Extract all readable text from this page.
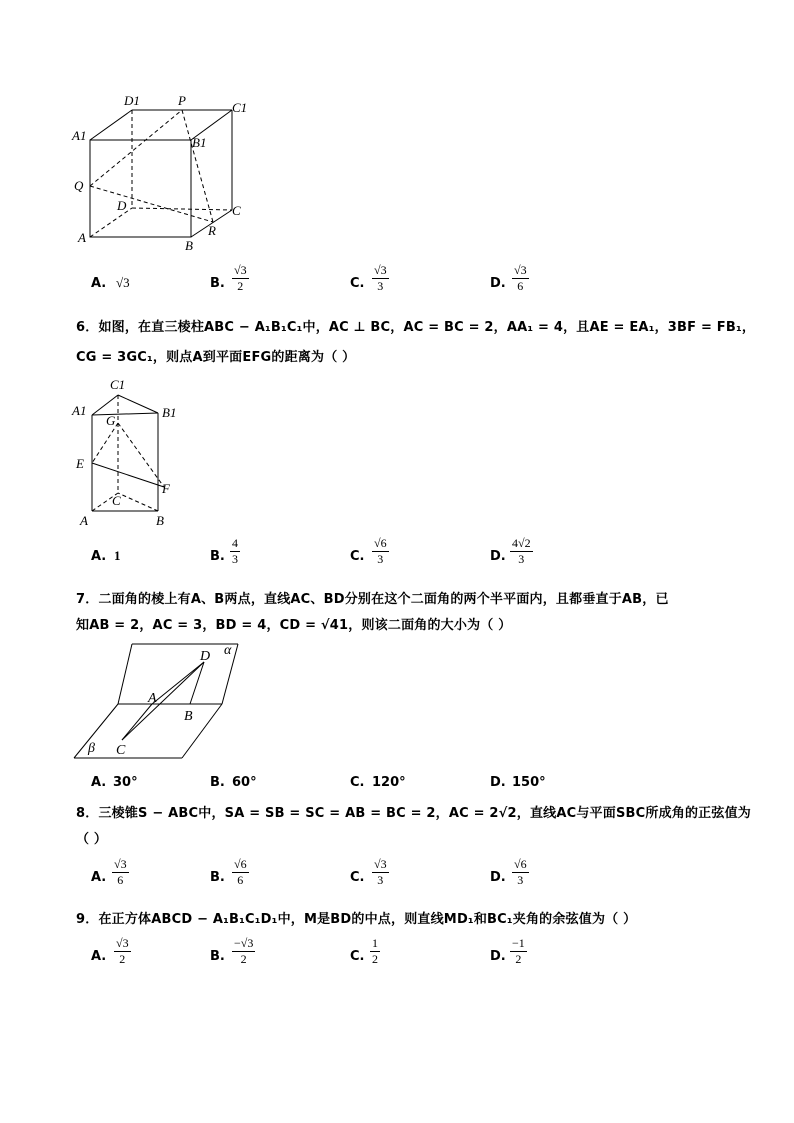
D1	P	C1
A1	B1
Q
D	C
A	R
B
A. √3	B. $\frac{√3}{2}$	C. $\frac{√3}{3}$	D. $\frac{√3}{6}$
6．如图，在直三棱柱ABC − A₁B₁C₁中，AC ⊥ BC，AC = BC = 2，AA₁ = 4，且AE = EA₁，3BF = FB₁，
CG = 3GC₁，则点A到平面EFG的距离为（ ）
C1
A1	B1
G
E
F
C
A	B
A. 1	B. $\frac{4}{3}$	C. $\frac{√6}{3}$	D. $\frac{4√2}{3}$
7．二面角的棱上有A、B两点，直线AC、BD分别在这个二面角的两个半平面内，且都垂直于AB，已
知AB = 2，AC = 3，BD = 4，CD = √41，则该二面角的大小为（ ）
D α
A
B
β C
A. 30°	B. 60°	C. 120°	D. 150°
8．三棱锥S − ABC中，SA = SB = SC = AB = BC = 2，AC = 2√2，直线AC与平面SBC所成角的正弦值为
（ ）
A. $\frac{√3}{6}$	B. $\frac{√6}{6}$	C. $\frac{√3}{3}$	D. $\frac{√6}{3}$
9．在正方体ABCD − A₁B₁C₁D₁中，M是BD的中点，则直线MD₁和BC₁夹角的余弦值为（ ）
A. $\frac{√3}{2}$	B. $\frac{-√3}{2}$	C. $\frac{1}{2}$	D. $\frac{-1}{2}$
